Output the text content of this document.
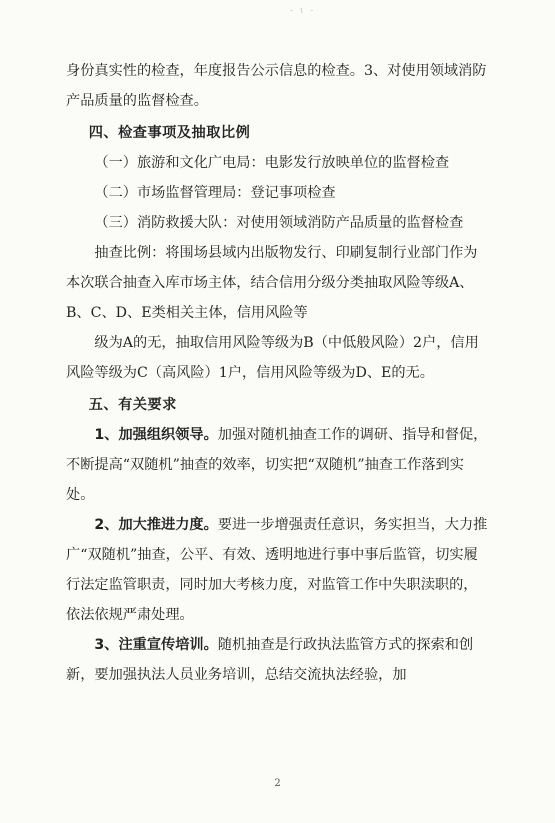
- ι -

身份真实性的检查，年度报告公示信息的检查。3、对使用领域消防产品质量的监督检查。

四、检查事项及抽取比例

（一）旅游和文化广电局：电影发行放映单位的监督检查

（二）市场监督管理局：登记事项检查

（三）消防救援大队：对使用领域消防产品质量的监督检查

抽查比例：将围场县域内出版物发行、印刷复制行业部门作为本次联合抽查入库市场主体，结合信用分级分类抽取风险等级A、B、C、D、E类相关主体，信用风险等

级为A的无，抽取信用风险等级为B（中低般风险）2户，信用风险等级为C（高风险）1户，信用风险等级为D、E的无。

五、有关要求

1、加强组织领导。加强对随机抽查工作的调研、指导和督促，不断提高“双随机”抽查的效率，切实把“双随机”抽查工作落到实处。

2、加大推进力度。要进一步增强责任意识，务实担当，大力推广“双随机”抽查，公平、有效、透明地进行事中事后监管，切实履行法定监管职责，同时加大考核力度，对监管工作中失职渎职的，依法依规严肃处理。

3、注重宣传培训。随机抽查是行政执法监管方式的探索和创新，要加强执法人员业务培训，总结交流执法经验，加

2
